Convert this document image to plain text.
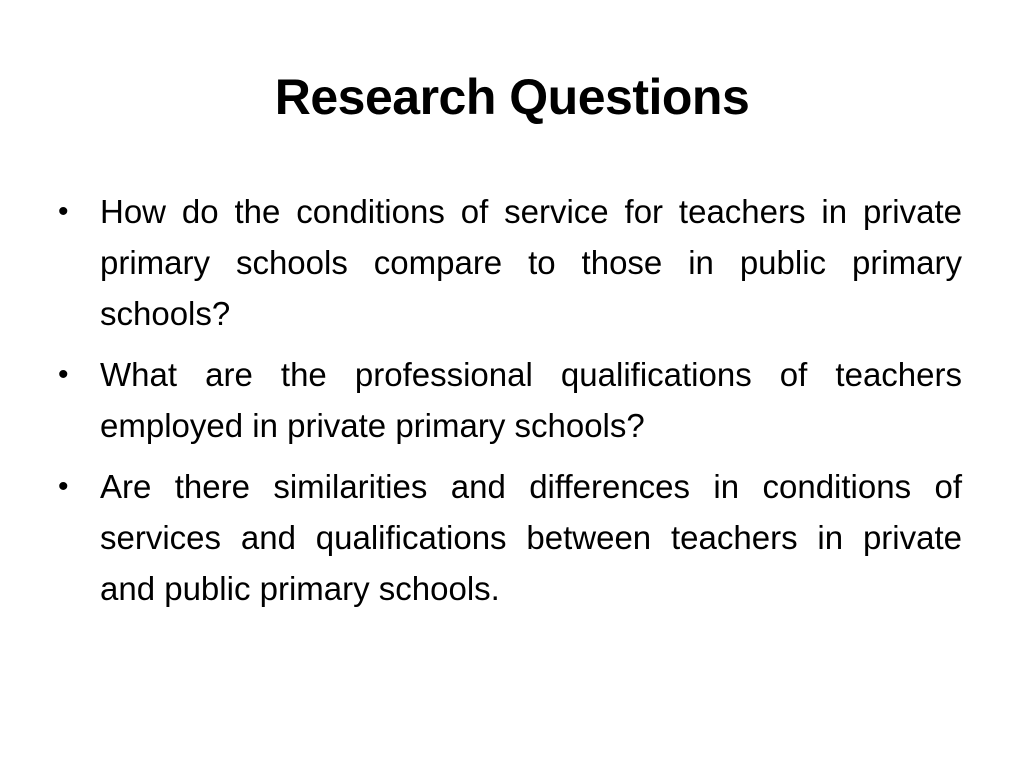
Research Questions
• How do the conditions of service for teachers in private primary schools compare to those in public primary schools?
• What are the professional qualifications of teachers employed in private primary schools?
• Are there similarities and differences in conditions of services and qualifications between teachers in private and public primary schools.
